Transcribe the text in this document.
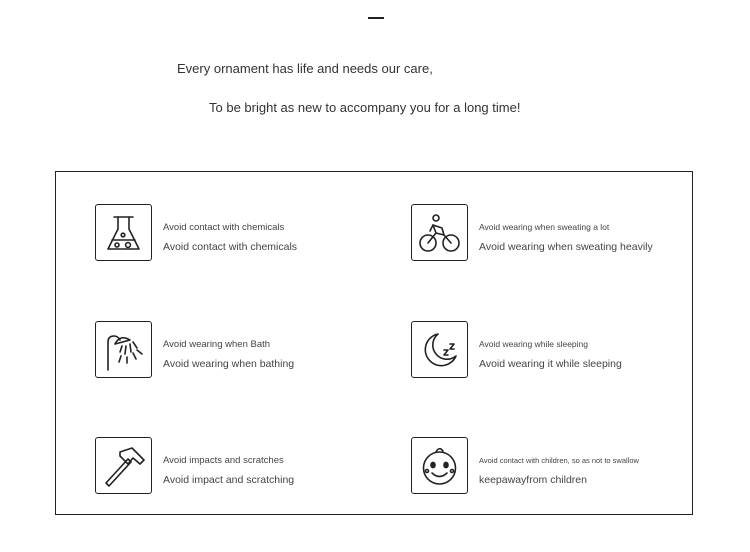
Every ornament has life and needs our care,
To be bright as new to accompany you for a long time!
Avoid contact with chemicals
Avoid contact with chemicals
Avoid wearing when sweating a lot
Avoid wearing when sweating heavily
Avoid wearing when Bath
Avoid wearing when bathing
Avoid wearing while sleeping
Avoid wearing it while sleeping
Avoid impacts and scratches
Avoid impact and scratching
Avoid contact with children, so as not to swallow
keepawayfrom children
